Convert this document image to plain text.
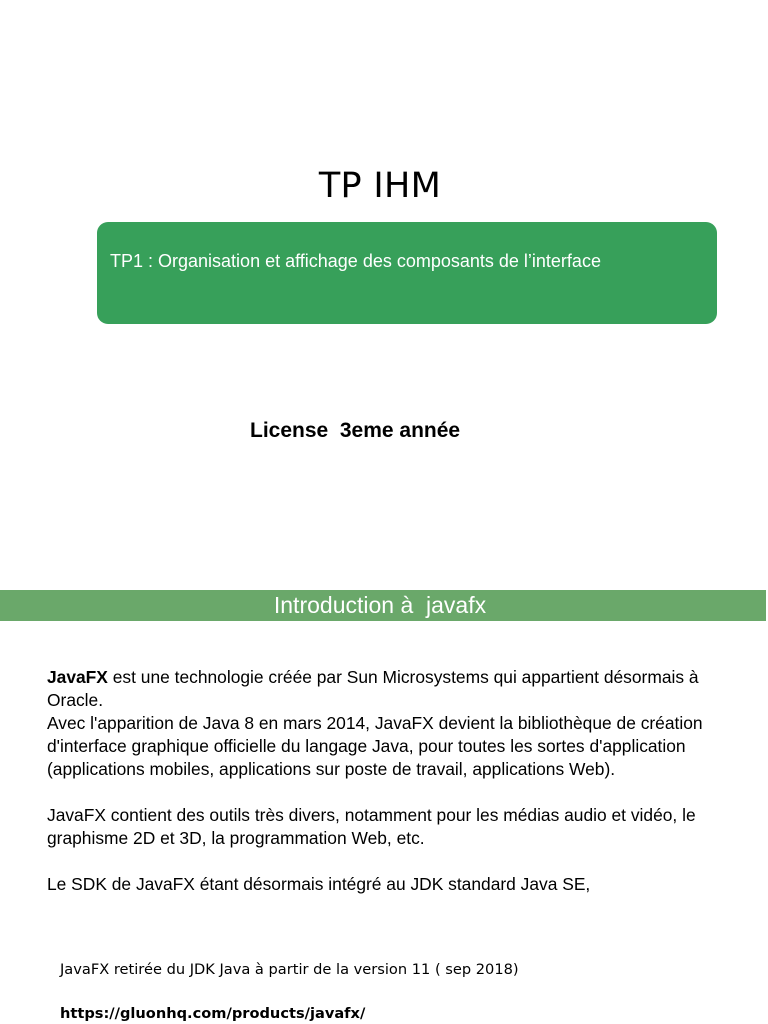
TP IHM
TP1 : Organisation et affichage des composants de l’interface
License  3eme année
Introduction à  javafx

JavaFX est une technologie créée par Sun Microsystems qui appartient désormais à Oracle.

Avec l'apparition de Java 8 en mars 2014, JavaFX devient la bibliothèque de création d'interface graphique officielle du langage Java, pour toutes les sortes d'application (applications mobiles, applications sur poste de travail, applications Web).

JavaFX contient des outils très divers, notamment pour les médias audio et vidéo, le graphisme 2D et 3D, la programmation Web, etc.

Le SDK de JavaFX étant désormais intégré au JDK standard Java SE,

JavaFX retirée du JDK Java à partir de la version 11 ( sep 2018)
https://gluonhq.com/products/javafx/
